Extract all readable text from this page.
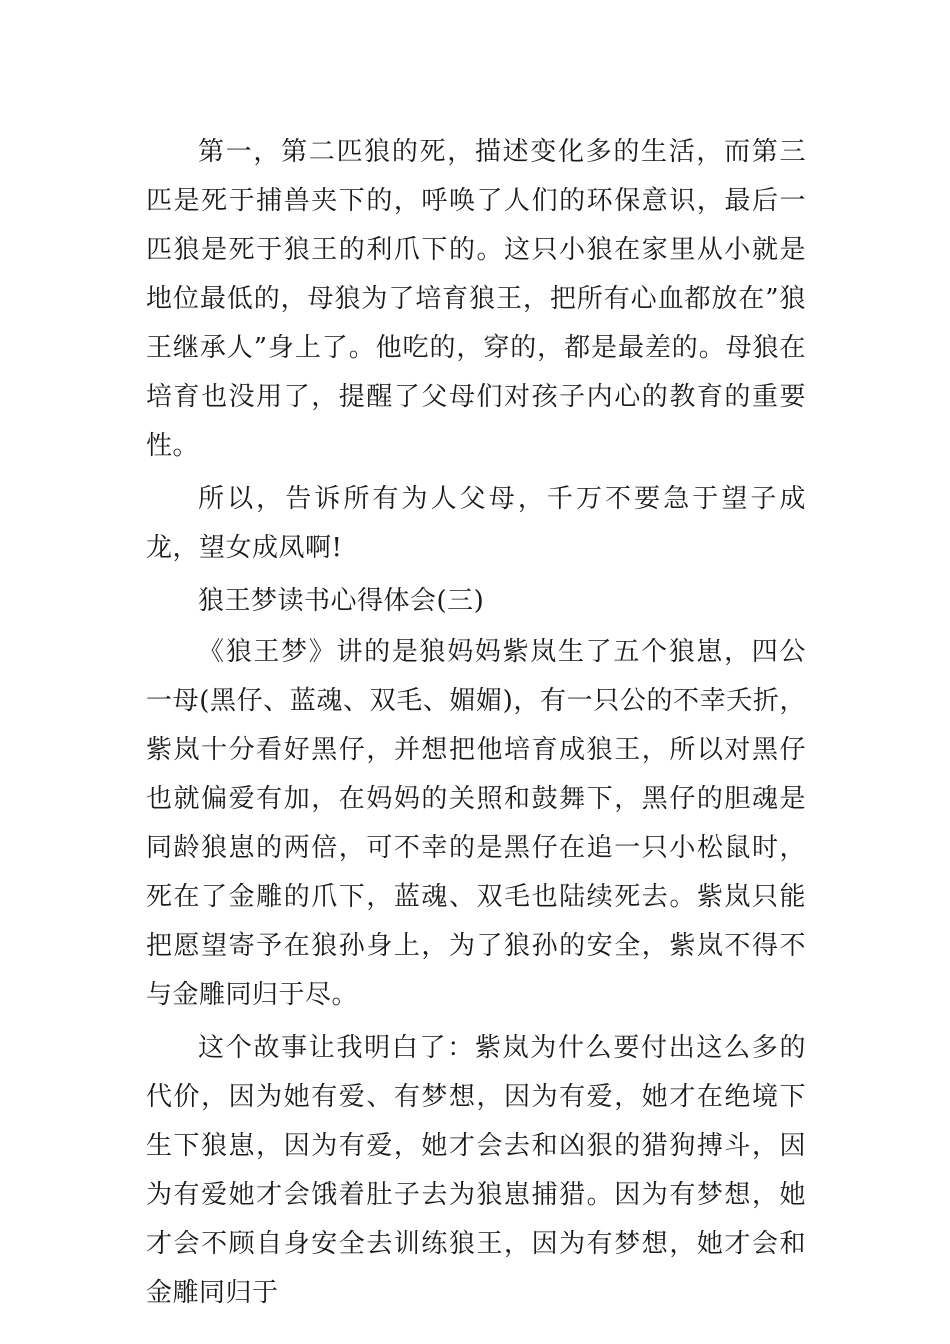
第一，第二匹狼的死，描述变化多的生活，而第三匹是死于捕兽夹下的，呼唤了人们的环保意识，最后一匹狼是死于狼王的利爪下的。这只小狼在家里从小就是地位最低的，母狼为了培育狼王，把所有心血都放在”狼王继承人”身上了。他吃的，穿的，都是最差的。母狼在培育也没用了，提醒了父母们对孩子内心的教育的重要性。

所以，告诉所有为人父母，千万不要急于望子成龙，望女成凤啊!

狼王梦读书心得体会(三)

《狼王梦》讲的是狼妈妈紫岚生了五个狼崽，四公一母(黑仔、蓝魂、双毛、媚媚)，有一只公的不幸夭折，紫岚十分看好黑仔，并想把他培育成狼王，所以对黑仔也就偏爱有加，在妈妈的关照和鼓舞下，黑仔的胆魂是同龄狼崽的两倍，可不幸的是黑仔在追一只小松鼠时，死在了金雕的爪下，蓝魂、双毛也陆续死去。紫岚只能把愿望寄予在狼孙身上，为了狼孙的安全，紫岚不得不与金雕同归于尽。

这个故事让我明白了：紫岚为什么要付出这么多的代价，因为她有爱、有梦想，因为有爱，她才在绝境下生下狼崽，因为有爱，她才会去和凶狠的猎狗搏斗，因为有爱她才会饿着肚子去为狼崽捕猎。因为有梦想，她才会不顾自身安全去训练狼王，因为有梦想，她才会和金雕同归于
